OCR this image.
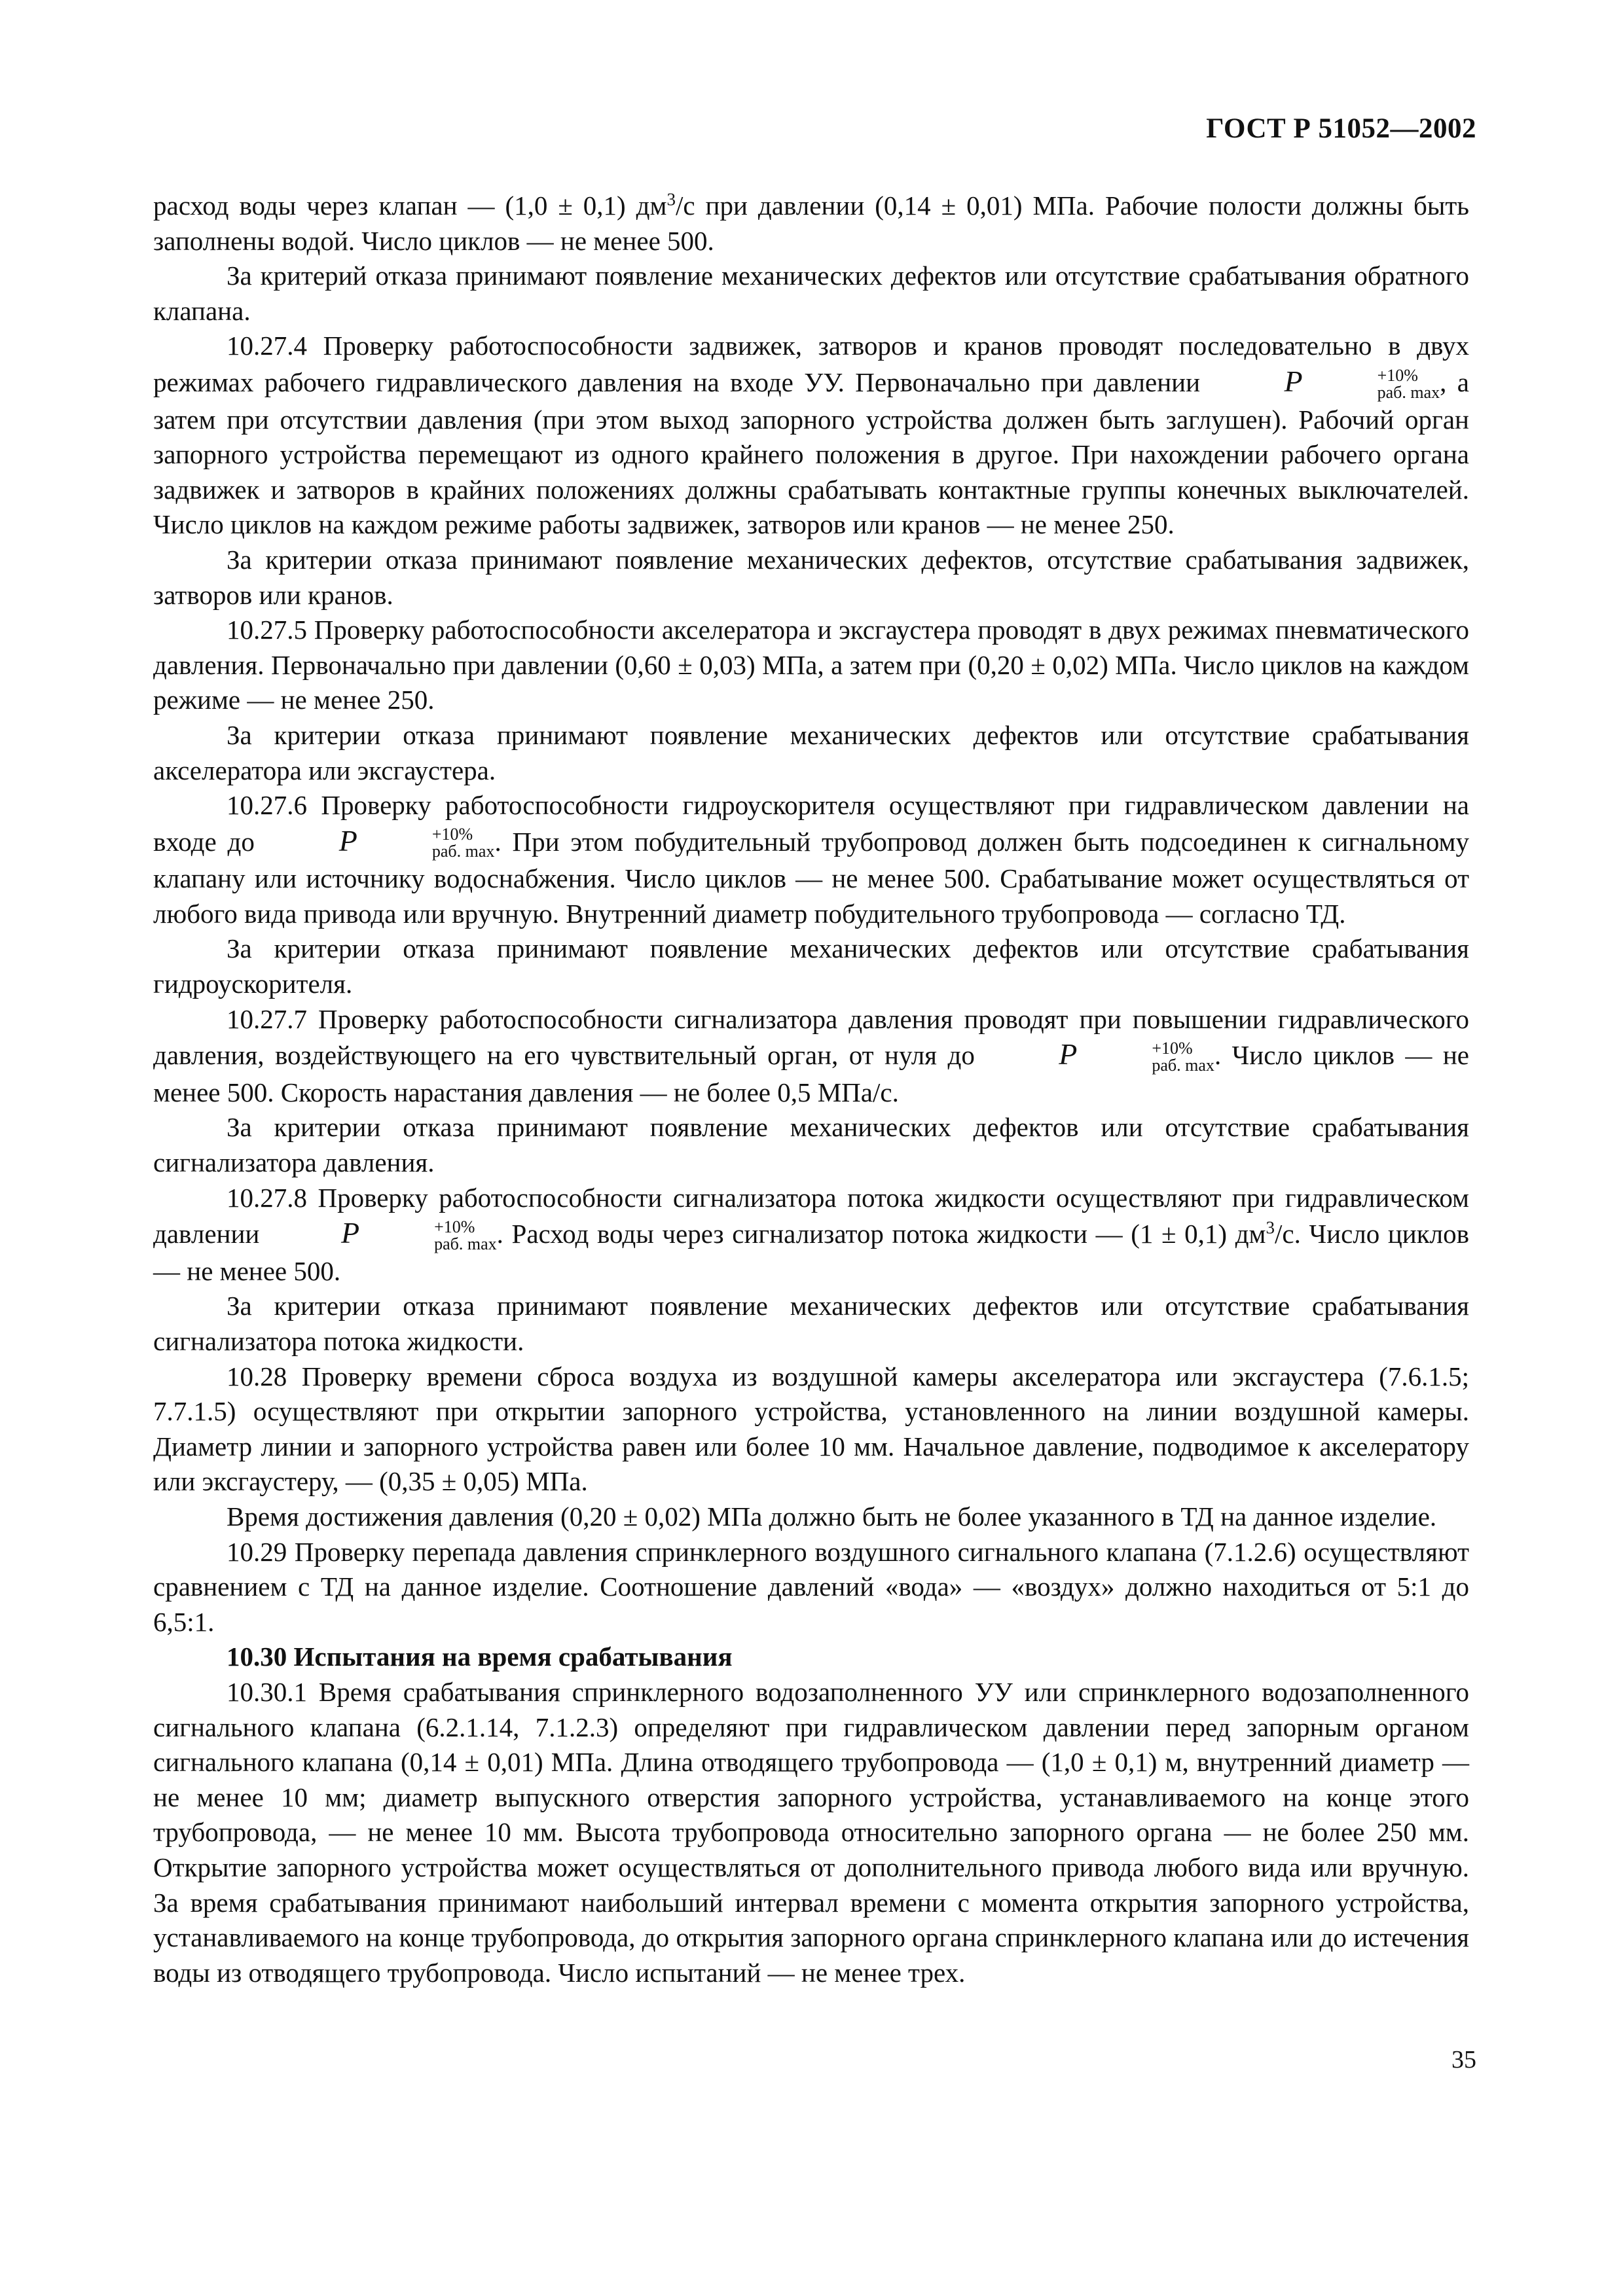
ГОСТ Р 51052—2002

расход воды через клапан — (1,0 ± 0,1) $дм^3/с$ при давлении (0,14 ± 0,01) МПа. Рабочие полости должны быть заполнены водой. Число циклов — не менее 500.

За критерий отказа принимают появление механических дефектов или отсутствие срабатывания обратного клапана.

10.27.4 Проверку работоспособности задвижек, затворов и кранов проводят последовательно в двух режимах рабочего гидравлического давления на входе УУ. Первоначально при давлении P	+10%
раб. max , а затем при отсутствии давления (при этом выход запорного устройства должен быть заглушен). Рабочий орган запорного устройства перемещают из одного крайнего положения в другое. При нахождении рабочего органа задвижек и затворов в крайних положениях должны срабатывать контактные группы конечных выключателей. Число циклов на каждом режиме работы задвижек, затворов или кранов — не менее 250.

За критерии отказа принимают появление механических дефектов, отсутствие срабатывания задвижек, затворов или кранов.

10.27.5 Проверку работоспособности акселератора и эксгаустера проводят в двух режимах пневматического давления. Первоначально при давлении (0,60 ± 0,03) МПа, а затем при (0,20 ± 0,02) МПа. Число циклов на каждом режиме — не менее 250.

За критерии отказа принимают появление механических дефектов или отсутствие срабатывания акселератора или эксгаустера.

10.27.6 Проверку работоспособности гидроускорителя осуществляют при гидравлическом давлении на входе до P	+10%
раб. max . При этом побудительный трубопровод должен быть подсоединен к сигнальному клапану или источнику водоснабжения. Число циклов — не менее 500. Срабатывание может осуществляться от любого вида привода или вручную. Внутренний диаметр побудительного трубопровода — согласно ТД.

За критерии отказа принимают появление механических дефектов или отсутствие срабатывания гидроускорителя.

10.27.7 Проверку работоспособности сигнализатора давления проводят при повышении гидравлического давления, воздействующего на его чувствительный орган, от нуля до P	+10%
раб. max . Число циклов — не менее 500. Скорость нарастания давления — не более 0,5 МПа/с.

За критерии отказа принимают появление механических дефектов или отсутствие срабатывания сигнализатора давления.

10.27.8 Проверку работоспособности сигнализатора потока жидкости осуществляют при гидравлическом давлении P	+10%
раб. max . Расход воды через сигнализатор потока жидкости — (1 ± 0,1) $дм^3/с$. Число циклов — не менее 500.

За критерии отказа принимают появление механических дефектов или отсутствие срабатывания сигнализатора потока жидкости.

10.28 Проверку времени сброса воздуха из воздушной камеры акселератора или эксгаустера (7.6.1.5; 7.7.1.5) осуществляют при открытии запорного устройства, установленного на линии воздушной камеры. Диаметр линии и запорного устройства равен или более 10 мм. Начальное давление, подводимое к акселератору или эксгаустеру, — (0,35 ± 0,05) МПа.

Время достижения давления (0,20 ± 0,02) МПа должно быть не более указанного в ТД на данное изделие.

10.29 Проверку перепада давления спринклерного воздушного сигнального клапана (7.1.2.6) осуществляют сравнением с ТД на данное изделие. Соотношение давлений «вода» — «воздух» должно находиться от 5:1 до 6,5:1.

10.30 Испытания на время срабатывания

10.30.1 Время срабатывания спринклерного водозаполненного УУ или спринклерного водозаполненного сигнального клапана (6.2.1.14, 7.1.2.3) определяют при гидравлическом давлении перед запорным органом сигнального клапана (0,14 ± 0,01) МПа. Длина отводящего трубопровода — (1,0 ± 0,1) м, внутренний диаметр — не менее 10 мм; диаметр выпускного отверстия запорного устройства, устанавливаемого на конце этого трубопровода, — не менее 10 мм. Высота трубопровода относительно запорного органа — не более 250 мм. Открытие запорного устройства может осуществляться от дополнительного привода любого вида или вручную. За время срабатывания принимают наибольший интервал времени с момента открытия запорного устройства, устанавливаемого на конце трубопровода, до открытия запорного органа спринклерного клапана или до истечения воды из отводящего трубопровода. Число испытаний — не менее трех.

35
